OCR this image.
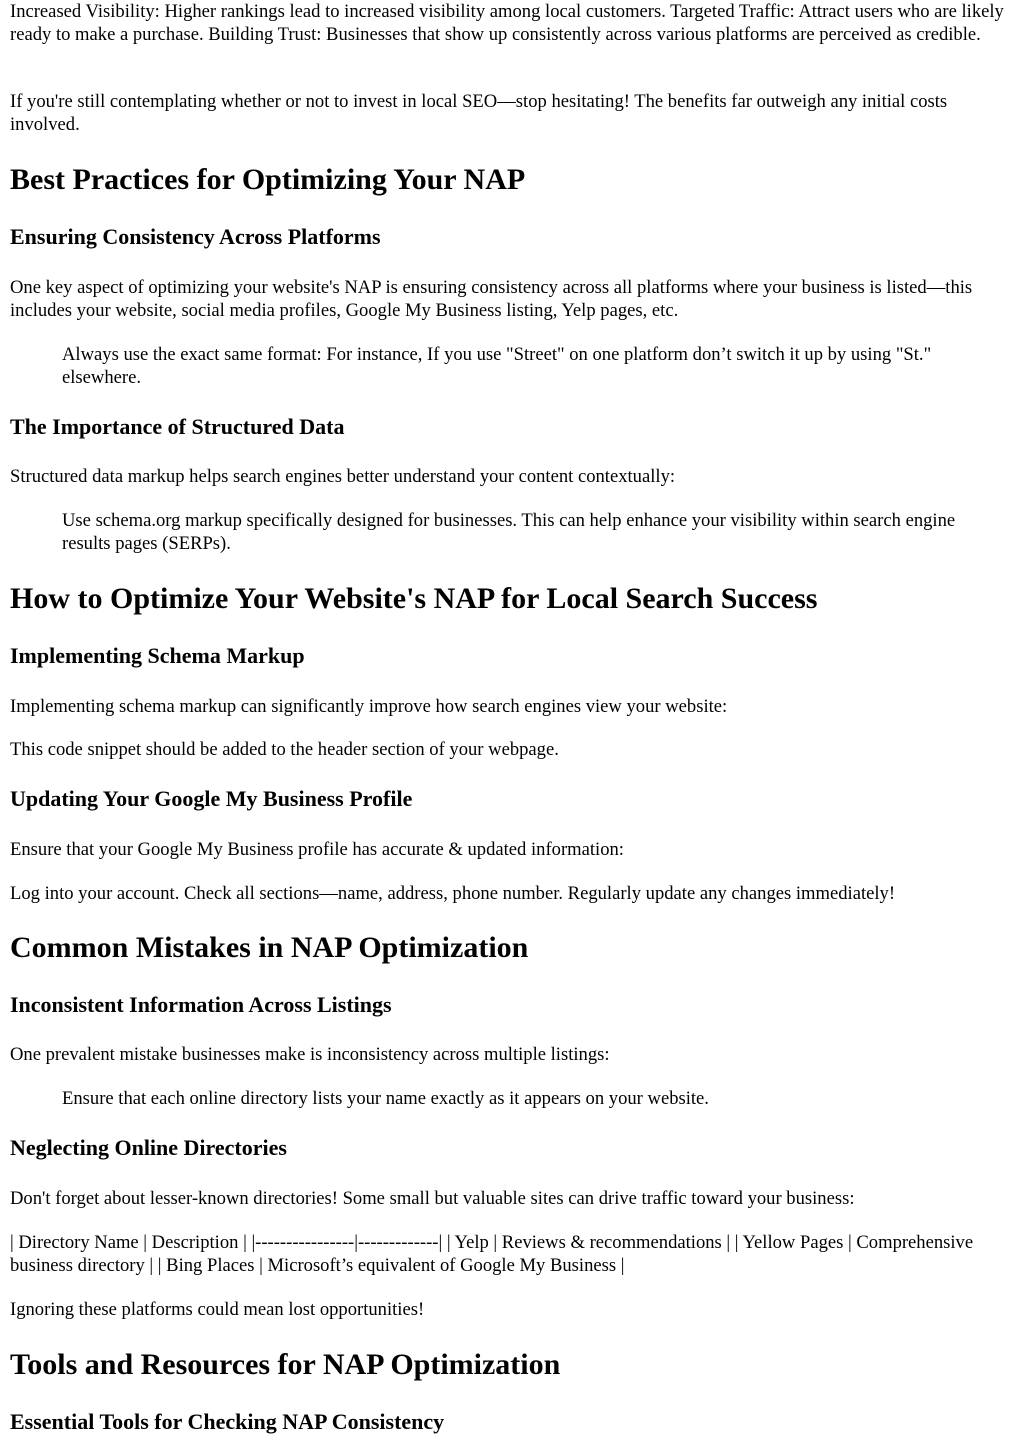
Increased Visibility: Higher rankings lead to increased visibility among local customers. Targeted Traffic: Attract users who are likely ready to make a purchase. Building Trust: Businesses that show up consistently across various platforms are perceived as credible.

If you're still contemplating whether or not to invest in local SEO—stop hesitating! The benefits far outweigh any initial costs involved.

Best Practices for Optimizing Your NAP
Ensuring Consistency Across Platforms

One key aspect of optimizing your website's NAP is ensuring consistency across all platforms where your business is listed—this includes your website, social media profiles, Google My Business listing, Yelp pages, etc.

Always use the exact same format: For instance, If you use "Street" on one platform don’t switch it up by using "St." elsewhere.
The Importance of Structured Data

Structured data markup helps search engines better understand your content contextually:

Use schema.org markup specifically designed for businesses. This can help enhance your visibility within search engine results pages (SERPs).
How to Optimize Your Website's NAP for Local Search Success
Implementing Schema Markup

Implementing schema markup can significantly improve how search engines view your website:

This code snippet should be added to the header section of your webpage.

Updating Your Google My Business Profile

Ensure that your Google My Business profile has accurate & updated information:

Log into your account. Check all sections—name, address, phone number. Regularly update any changes immediately!

Common Mistakes in NAP Optimization
Inconsistent Information Across Listings

One prevalent mistake businesses make is inconsistency across multiple listings:

Ensure that each online directory lists your name exactly as it appears on your website.
Neglecting Online Directories

Don't forget about lesser-known directories! Some small but valuable sites can drive traffic toward your business:

| Directory Name | Description | |----------------|-------------| | Yelp | Reviews & recommendations | | Yellow Pages | Comprehensive business directory | | Bing Places | Microsoft’s equivalent of Google My Business |

Ignoring these platforms could mean lost opportunities!

Tools and Resources for NAP Optimization
Essential Tools for Checking NAP Consistency
